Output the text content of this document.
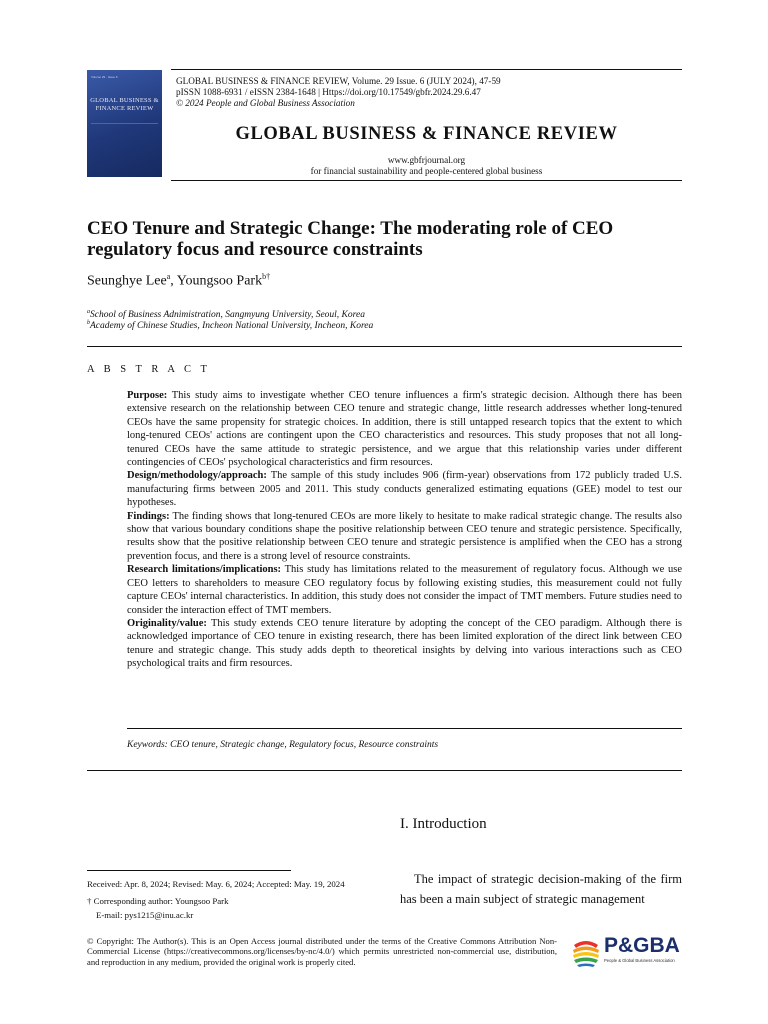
Volume 29 · Issue 6
GLOBAL BUSINESS & FINANCE REVIEW
GLOBAL BUSINESS & FINANCE REVIEW, Volume. 29 Issue. 6 (JULY 2024), 47-59
pISSN 1088-6931 / eISSN 2384-1648 | Https://doi.org/10.17549/gbfr.2024.29.6.47
© 2024 People and Global Business Association
GLOBAL BUSINESS & FINANCE REVIEW
www.gbfrjournal.org
for financial sustainability and people-centered global business
CEO Tenure and Strategic Change: The moderating role of CEO regulatory focus and resource constraints
Seunghye Lee$^a$, Youngsoo Park$^{b\dagger}$
$^a$School of Business Adnimistration, Sangmyung University, Seoul, Korea
$^b$Academy of Chinese Studies, Incheon National University, Incheon, Korea
A B S T R A C T

Purpose: This study aims to investigate whether CEO tenure influences a firm's strategic decision. Although there has been extensive research on the relationship between CEO tenure and strategic change, little research addresses whether long-tenured CEOs have the same propensity for strategic choices. In addition, there is still untapped research topics that the extent to which long-tenured CEOs' actions are contingent upon the CEO characteristics and resources. This study proposes that not all long-tenured CEOs have the same attitude to strategic persistence, and we argue that this relationship varies under different contingencies of CEOs' psychological characteristics and firm resources.

Design/methodology/approach: The sample of this study includes 906 (firm-year) observations from 172 publicly traded U.S. manufacturing firms between 2005 and 2011. This study conducts generalized estimating equations (GEE) model to test our hypotheses.

Findings: The finding shows that long-tenured CEOs are more likely to hesitate to make radical strategic change. The results also show that various boundary conditions shape the positive relationship between CEO tenure and strategic persistence. Specifically, results show that the positive relationship between CEO tenure and strategic persistence is amplified when the CEO has a strong prevention focus, and there is a strong level of resource constraints.

Research limitations/implications: This study has limitations related to the measurement of regulatory focus. Although we use CEO letters to shareholders to measure CEO regulatory focus by following existing studies, this measurement could not fully capture CEOs' internal characteristics. In addition, this study does not consider the impact of TMT members. Future studies need to consider the interaction effect of TMT members.

Originality/value: This study extends CEO tenure literature by adopting the concept of the CEO paradigm. Although there is acknowledged importance of CEO tenure in existing research, there has been limited exploration of the direct link between CEO tenure and strategic change. This study adds depth to theoretical insights by delving into various interactions such as CEO psychological traits and firm resources.

Keywords: CEO tenure, Strategic change, Regulatory focus, Resource constraints
I. Introduction
The impact of strategic decision-making of the firm has been a main subject of strategic management
Received: Apr. 8, 2024; Revised: May. 6, 2024; Accepted: May. 19, 2024
† Corresponding author: Youngsoo Park
E-mail: pys1215@inu.ac.kr
© Copyright: The Author(s). This is an Open Access journal distributed under the terms of the Creative Commons Attribution Non-Commercial License (https://creativecommons.org/licenses/by-nc/4.0/) which permits unrestricted non-commercial use, distribution, and reproduction in any medium, provided the original work is properly cited.
P&GBA
People & Global Business Association
